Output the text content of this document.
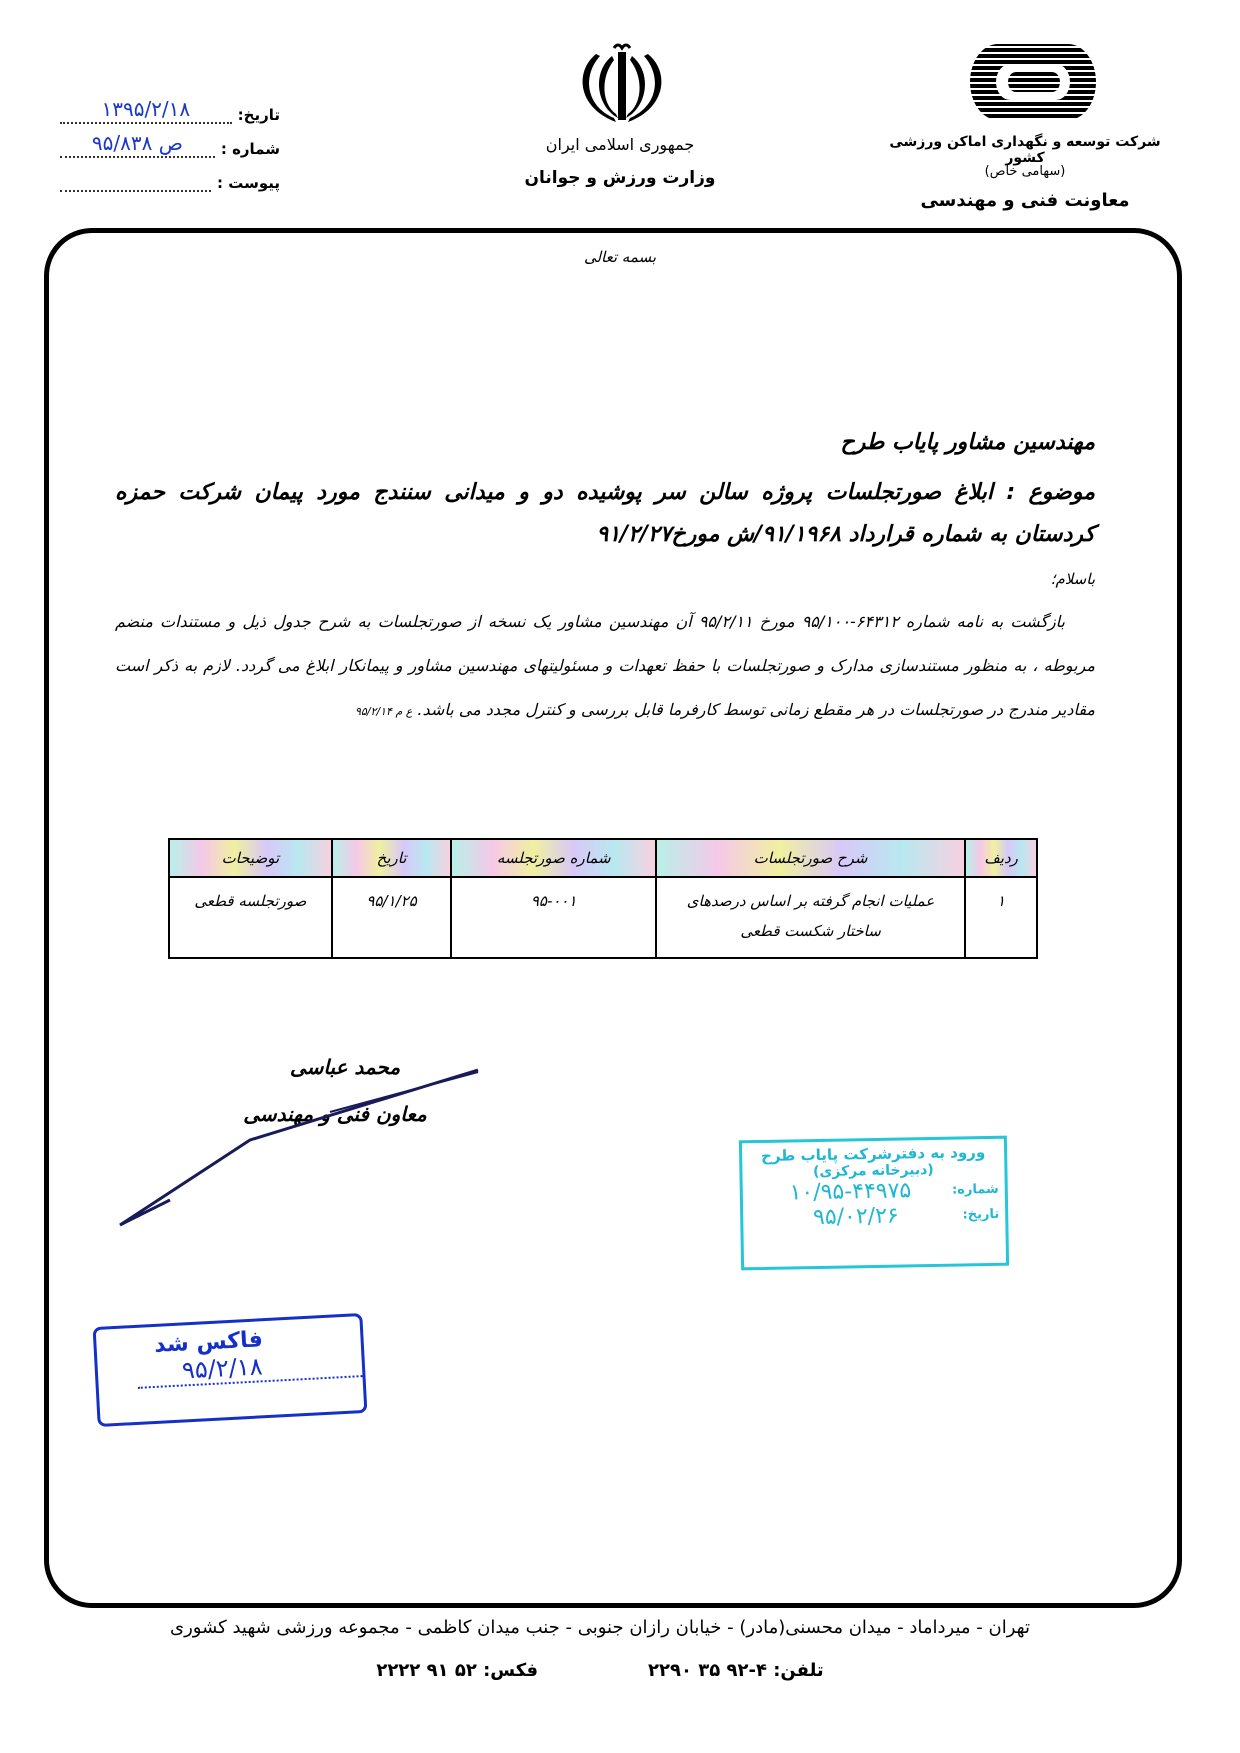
تاریخ:
۱۳۹۵/۲/۱۸
شماره :
۹۵/۸۳۸ ص
پیوست :
جمهوری اسلامی ایران
وزارت ورزش و جوانان
شرکت توسعه و نگهداری اماکن ورزشی کشور
(سهامی خاص)
معاونت فنی و مهندسی
بسمه تعالی
مهندسین مشاور پایاب طرح
موضوع : ابلاغ صورتجلسات پروژه سالن سر پوشیده دو و میدانی سنندج مورد پیمان شرکت حمزه کردستان به شماره قرارداد ۹۱/۱۹۶۸/ش مورخ۹۱/۲/۲۷
باسلام؛
بازگشت به نامه شماره ۶۴۳۱۲-۹۵/۱۰۰ مورخ ۹۵/۲/۱۱ آن مهندسین مشاور یک نسخه از صورتجلسات به شرح جدول ذیل و مستندات منضم مربوطه ، به منظور مستندسازی مدارک و صورتجلسات با حفظ تعهدات و مسئولیتهای مهندسین مشاور و پیمانکار ابلاغ می گردد. لازم به ذکر است مقادیر مندرج در صورتجلسات در هر مقطع زمانی توسط کارفرما قابل بررسی و کنترل مجدد می باشد. ع م ۹۵/۲/۱۴
ردیف	شرح صورتجلسات	شماره صورتجلسه	تاریخ	توضیحات
۱	عملیات انجام گرفته بر اساس درصدهای ساختار شکست قطعی	۹۵-۰۰۱	۹۵/۱/۲۵	صورتجلسه قطعی
محمد عباسی
معاون فنی و مهندسی
ورود به دفترشرکت پایاب طرح
(دبیرخانه مرکزی)
شماره:
۱۰/۹۵-۴۴۹۷۵
تاریخ:
۹۵/۰۲/۲۶
فاکس شد
۹۵/۲/۱۸
تهران - میرداماد - میدان محسنی(مادر) - خیابان رازان جنوبی - جنب میدان کاظمی - مجموعه ورزشی شهید کشوری
تلفن: ۴-۹۲ ۳۵ ۲۲۹۰
فکس: ۵۲ ۹۱ ۲۲۲۲
